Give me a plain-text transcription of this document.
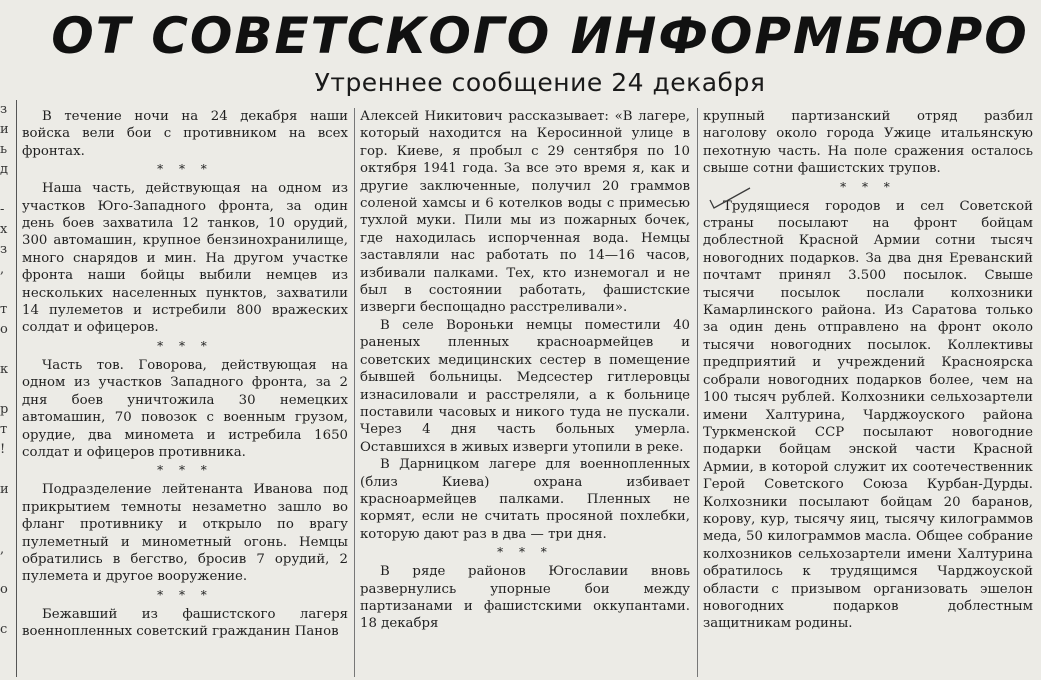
з
и
ь
д
-
х
з
,
т
о
к
р
т
!
и
,
о
с
ОТ СОВЕТСКОГО ИНФОРМБЮРО
Утреннее сообщение 24 декабря

В течение ночи на 24 декабря наши войска вели бои с противником на всех фронтах.

* * *

Наша часть, действующая на одном из участков Юго-Западного фронта, за один день боев захватила 12 танков, 10 орудий, 300 автомашин, крупное бензинохранилище, много снарядов и мин. На другом участке фронта наши бойцы выбили немцев из нескольких населенных пунктов, захватили 14 пулеметов и истребили 800 вражеских солдат и офицеров.

* * *

Часть тов. Говорова, действующая на одном из участков Западного фронта, за 2 дня боев уничтожила 30 немецких автомашин, 70 повозок с военным грузом, орудие, два миномета и истребила 1650 солдат и офицеров противника.

* * *

Подразделение лейтенанта Иванова под прикрытием темноты незаметно зашло во фланг противнику и открыло по врагу пулеметный и минометный огонь. Немцы обратились в бегство, бросив 7 орудий, 2 пулемета и другое вооружение.

* * *

Бежавший из фашистского лагеря военнопленных советский гражданин Панов

Алексей Никитович рассказывает: «В лагере, который находится на Керосинной улице в гор. Киеве, я пробыл с 29 сентября по 10 октября 1941 года. За все это время я, как и другие заключенные, получил 20 граммов соленой хамсы и 6 котелков воды с примесью тухлой муки. Пили мы из пожарных бочек, где находилась испорченная вода. Немцы заставляли нас работать по 14—16 часов, избивали палками. Тех, кто изнемогал и не был в состоянии работать, фашистские изверги беспощадно расстреливали».

В селе Вороньки немцы поместили 40 раненых пленных красноармейцев и советских медицинских сестер в помещение бывшей больницы. Медсестер гитлеровцы изнасиловали и расстреляли, а к больнице поставили часовых и никого туда не пускали. Через 4 дня часть больных умерла. Оставшихся в живых изверги утопили в реке.

В Дарницком лагере для военнопленных (близ Киева) охрана избивает красноармейцев палками. Пленных не кормят, если не считать просяной похлебки, которую дают раз в два — три дня.

* * *

В ряде районов Югославии вновь развернулись упорные бои между партизанами и фашистскими оккупантами. 18 декабря

крупный партизанский отряд разбил наголову около города Ужице итальянскую пехотную часть. На поле сражения осталось свыше сотни фашистских трупов.

* * *

Трудящиеся городов и сел Советской страны посылают на фронт бойцам доблестной Красной Армии сотни тысяч новогодних подарков. За два дня Ереванский почтамт принял 3.500 посылок. Свыше тысячи посылок послали колхозники Камарлинского района. Из Саратова только за один день отправлено на фронт около тысячи новогодних посылок. Коллективы предприятий и учреждений Красноярска собрали новогодних подарков более, чем на 100 тысяч рублей. Колхозники сельхозартели имени Халтурина, Чарджоуского района Туркменской ССР посылают новогодние подарки бойцам энской части Красной Армии, в которой служит их соотечественник Герой Советского Союза Курбан-Дурды. Колхозники посылают бойцам 20 баранов, корову, кур, тысячу яиц, тысячу килограммов меда, 50 килограммов масла. Общее собрание колхозников сельхозартели имени Халтурина обратилось к трудящимся Чарджоуской области с призывом организовать эшелон новогодних подарков доблестным защитникам родины.
